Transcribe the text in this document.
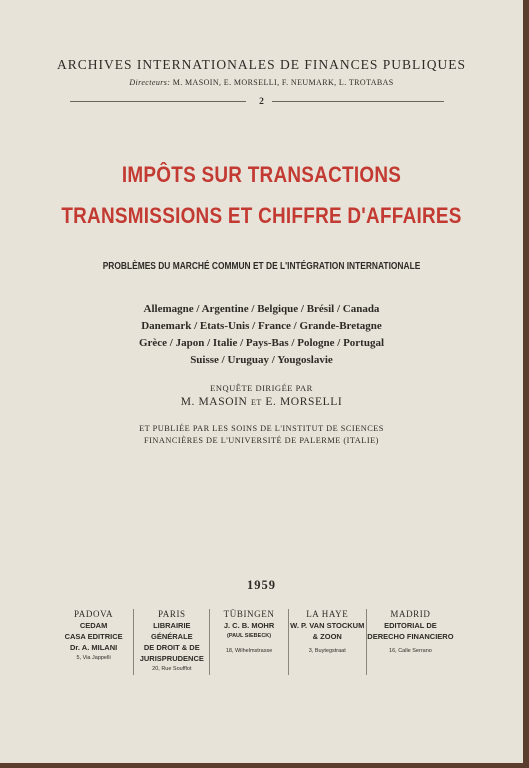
ARCHIVES INTERNATIONALES DE FINANCES PUBLIQUES
Directeurs: M. MASOIN, E. MORSELLI, F. NEUMARK, L. TROTABAS
2
IMPÔTS SUR TRANSACTIONS
TRANSMISSIONS ET CHIFFRE D'AFFAIRES
PROBLÈMES DU MARCHÉ COMMUN ET DE L'INTÉGRATION INTERNATIONALE
Allemagne / Argentine / Belgique / Brésil / Canada
Danemark / Etats-Unis / France / Grande-Bretagne
Grèce / Japon / Italie / Pays-Bas / Pologne / Portugal
Suisse / Uruguay / Yougoslavie
ENQUÊTE DIRIGÉE PAR
M. MASOIN ET E. MORSELLI
ET PUBLIÉE PAR LES SOINS DE L'INSTITUT DE SCIENCES
FINANCIÈRES DE L'UNIVERSITÉ DE PALERME (ITALIE)
1959
PADOVA
CEDAM
CASA EDITRICE
Dr. A. MILANI
5, Via Jappelli
PARIS
LIBRAIRIE GÉNÉRALE
DE DROIT & DE
JURISPRUDENCE
20, Rue Soufflot
TÜBINGEN
J. C. B. MOHR
(PAUL SIEBECK)
18, Wilhelmstrasse
LA HAYE
W. P. VAN STOCKUM
& ZOON
3, Buytegstraat
MADRID
EDITORIAL DE
DERECHO FINANCIERO
16, Calle Serrano
